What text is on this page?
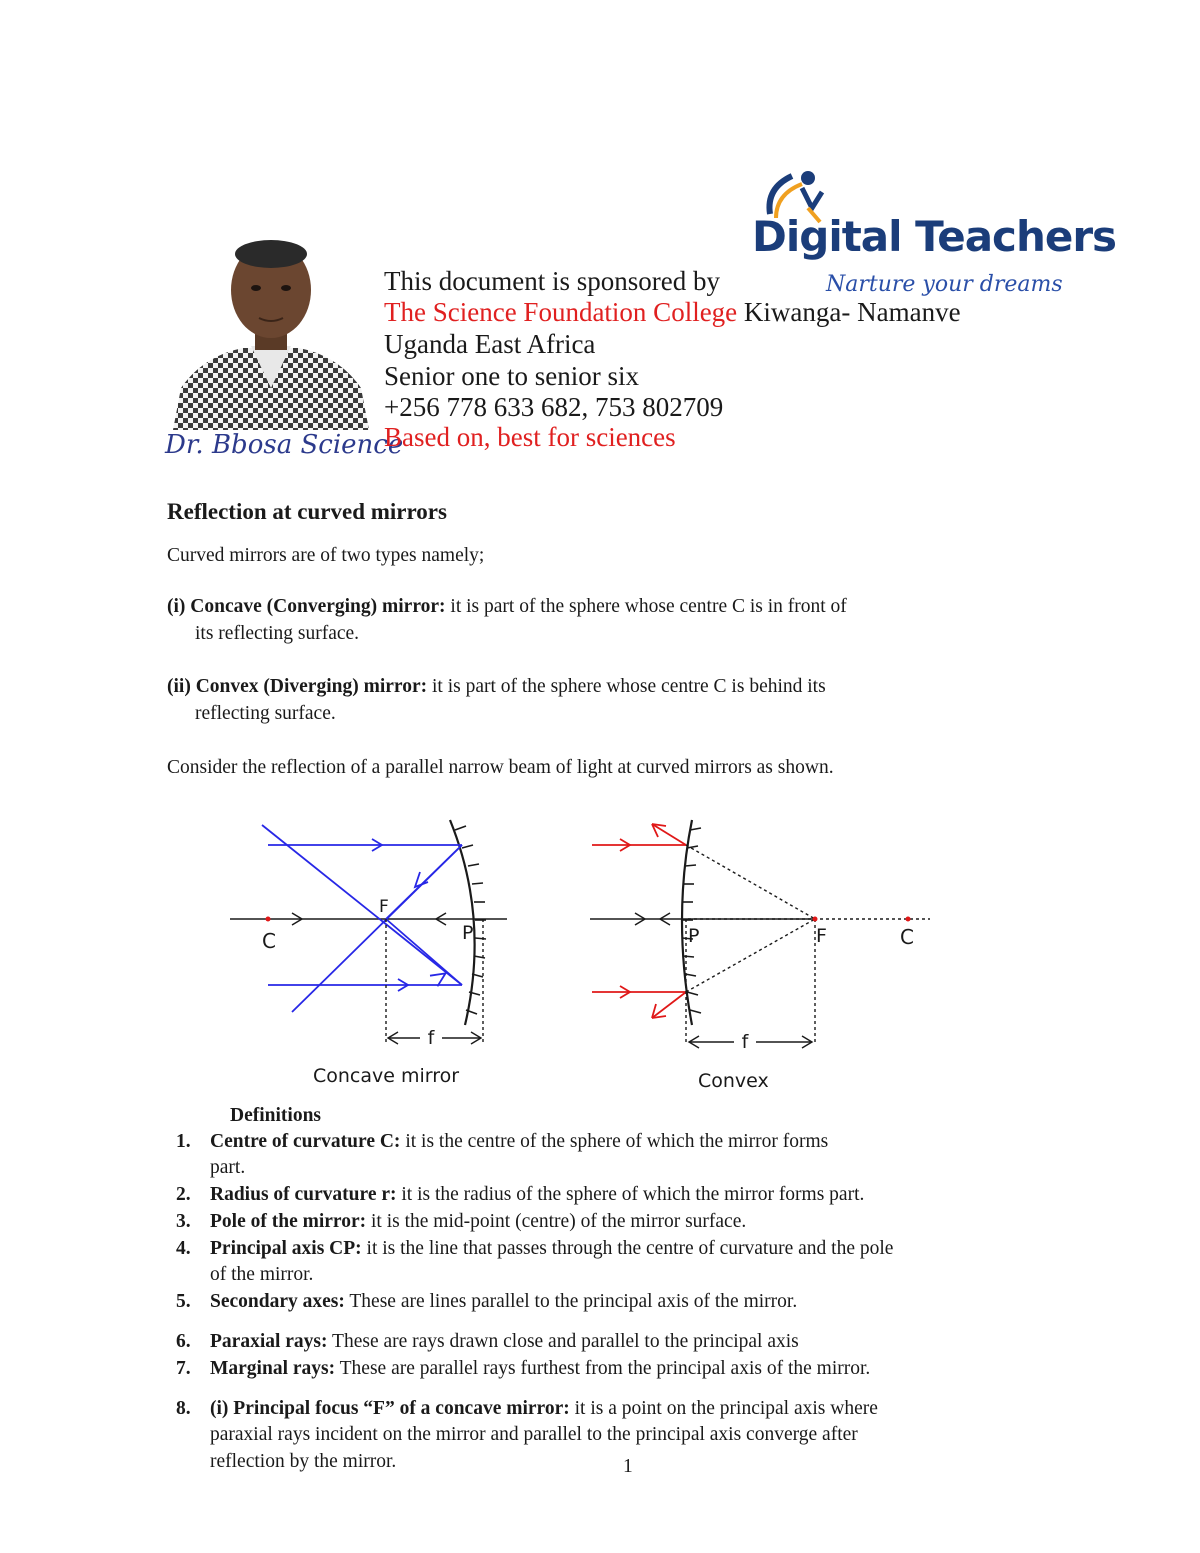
Dr. Bbosa Science
Digital Teachers
Narture your dreams
This document is sponsored by
The Science Foundation College Kiwanga- Namanve
Uganda East Africa
Senior one to senior six
+256 778 633 682, 753 802709
Based on, best for sciences
Reflection at curved mirrors
Curved mirrors are of two types namely;
(i) Concave (Converging) mirror: it is part of the sphere whose centre C is in front of
its reflecting surface.
(ii) Convex (Diverging) mirror: it is part of the sphere whose centre C is behind its
reflecting surface.
Consider the reflection of a parallel narrow beam of light at curved mirrors as shown.
f
C
F
P
Concave mirror
f
P	F	C
Convex
Definitions
1. Centre of curvature C: it is the centre of the sphere of which the mirror forms
part.
2. Radius of curvature r: it is the radius of the sphere of which the mirror forms part.
3. Pole of the mirror: it is the mid-point (centre) of the mirror surface.
4. Principal axis CP: it is the line that passes through the centre of curvature and the pole
of the mirror.
5. Secondary axes: These are lines parallel to the principal axis of the mirror.
6. Paraxial rays: These are rays drawn close and parallel to the principal axis
7. Marginal rays: These are parallel rays furthest from the principal axis of the mirror.
8. (i) Principal focus “F” of a concave mirror: it is a point on the principal axis where
paraxial rays incident on the mirror and parallel to the principal axis converge after
reflection by the mirror.	1
